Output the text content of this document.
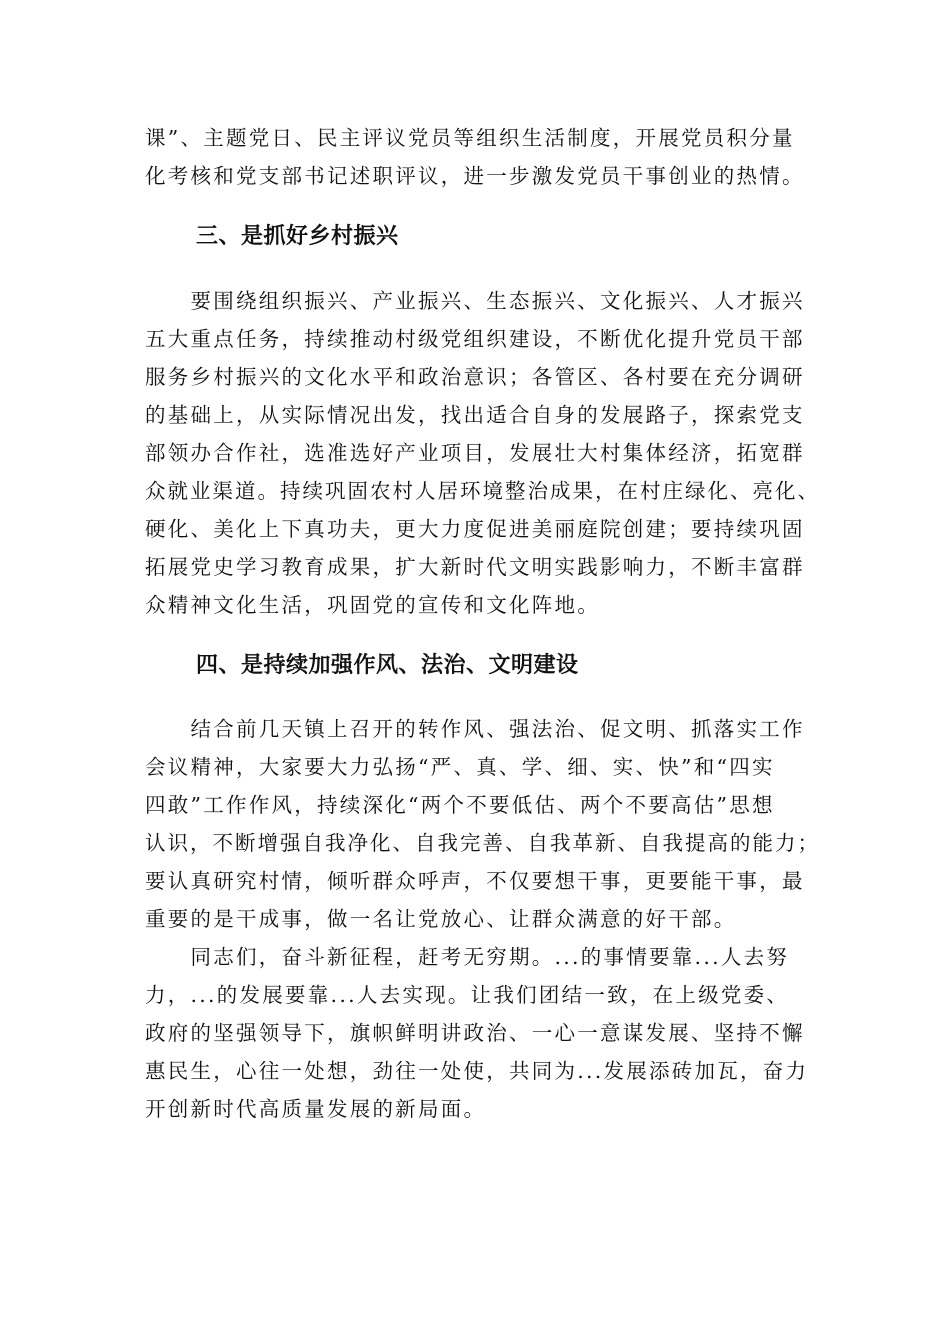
课”、主题党日、民主评议党员等组织生活制度，开展党员积分量
化考核和党支部书记述职评议，进一步激发党员干事创业的热情。
三、是抓好乡村振兴
　　要围绕组织振兴、产业振兴、生态振兴、文化振兴、人才振兴
五大重点任务，持续推动村级党组织建设，不断优化提升党员干部
服务乡村振兴的文化水平和政治意识；各管区、各村要在充分调研
的基础上，从实际情况出发，找出适合自身的发展路子，探索党支
部领办合作社，选准选好产业项目，发展壮大村集体经济，拓宽群
众就业渠道。持续巩固农村人居环境整治成果，在村庄绿化、亮化、
硬化、美化上下真功夫，更大力度促进美丽庭院创建；要持续巩固
拓展党史学习教育成果，扩大新时代文明实践影响力，不断丰富群
众精神文化生活，巩固党的宣传和文化阵地。
四、是持续加强作风、法治、文明建设
　　结合前几天镇上召开的转作风、强法治、促文明、抓落实工作
会议精神，大家要大力弘扬“严、真、学、细、实、快”和“四实
四敢”工作作风，持续深化“两个不要低估、两个不要高估”思想
认识，不断增强自我净化、自我完善、自我革新、自我提高的能力；
要认真研究村情，倾听群众呼声，不仅要想干事，更要能干事，最
重要的是干成事，做一名让党放心、让群众满意的好干部。
　　同志们，奋斗新征程，赶考无穷期。...的事情要靠...人去努
力，...的发展要靠...人去实现。让我们团结一致，在上级党委、
政府的坚强领导下，旗帜鲜明讲政治、一心一意谋发展、坚持不懈
惠民生，心往一处想，劲往一处使，共同为...发展添砖加瓦，奋力
开创新时代高质量发展的新局面。
